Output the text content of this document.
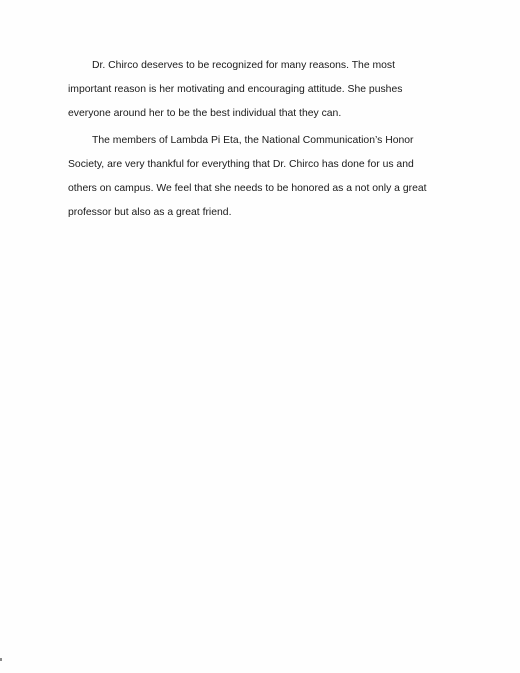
Dr. Chirco deserves to be recognized for many reasons. The most
important reason is her motivating and encouraging attitude. She pushes
everyone around her to be the best individual that they can.
The members of Lambda Pi Eta, the National Communication’s Honor
Society, are very thankful for everything that Dr. Chirco has done for us and
others on campus. We feel that she needs to be honored as a not only a great
professor but also as a great friend.
